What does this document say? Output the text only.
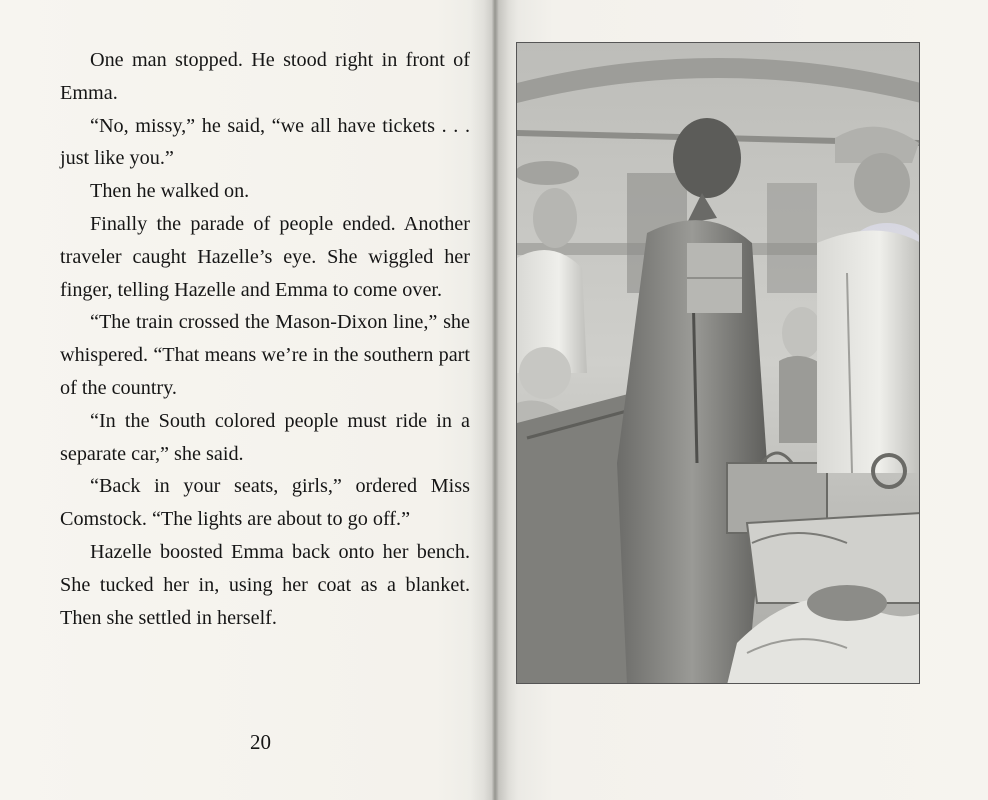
One man stopped. He stood right in front of Emma.

“No, missy,” he said, “we all have tickets . . . just like you.”

Then he walked on.

Finally the parade of people ended. Another traveler caught Hazelle’s eye. She wiggled her finger, telling Hazelle and Emma to come over.

“The train crossed the Mason-Dixon line,” she whispered. “That means we’re in the southern part of the country.

“In the South colored people must ride in a separate car,” she said.

“Back in your seats, girls,” ordered Miss Comstock. “The lights are about to go off.”

Hazelle boosted Emma back onto her bench. She tucked her in, using her coat as a blanket. Then she settled in herself.

20
